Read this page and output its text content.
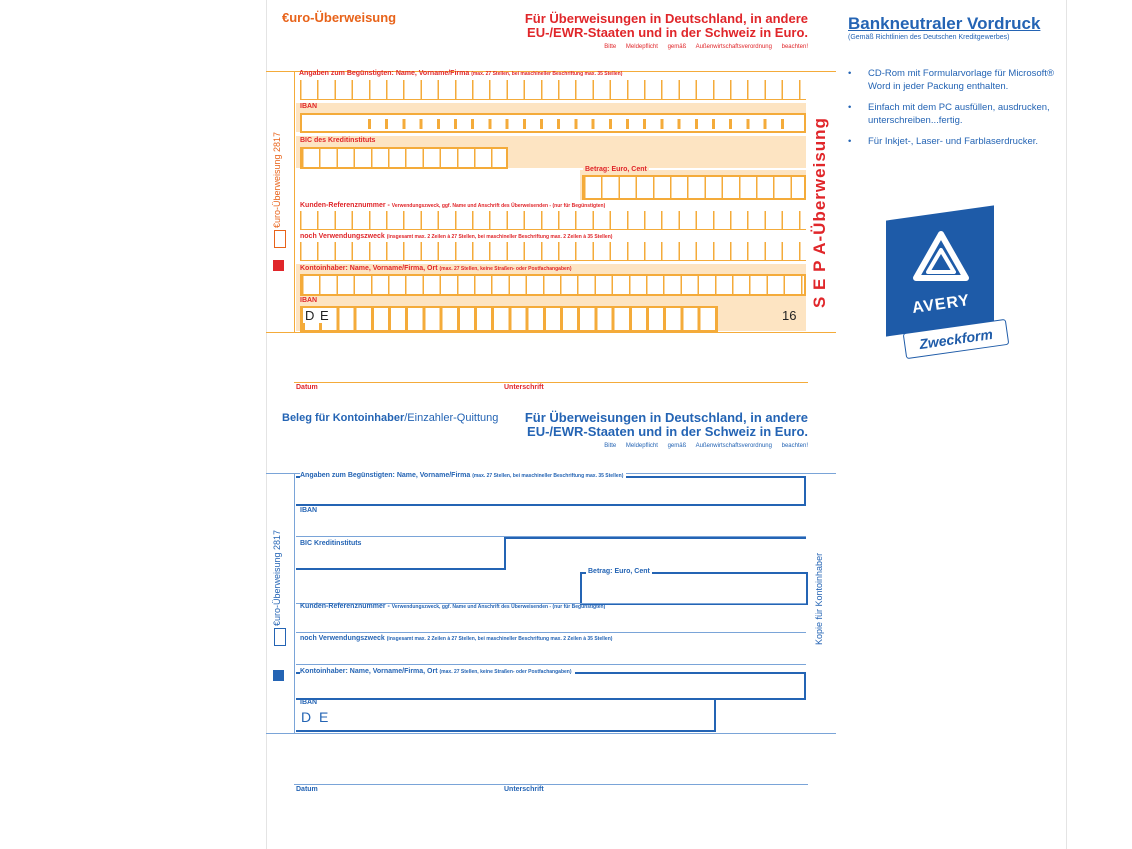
€uro-Überweisung	Für Überweisungen in Deutschland, in andere
EU-/EWR-Staaten und in der Schweiz in Euro.
Bitte Meldepflicht gemäß Außenwirtschaftsverordnung beachten!
€uro-Überweisung 2817
Angaben zum Begünstigten: Name, Vorname/Firma (max. 27 Stellen, bei maschineller Beschriftung max. 35 Stellen)
IBAN
BIC des Kreditinstituts
Betrag: Euro, Cent
Kunden-Referenznummer - Verwendungszweck, ggf. Name und Anschrift des Überweisenden - (nur für Begünstigten)
noch Verwendungszweck (insgesamt max. 2 Zeilen à 27 Stellen, bei maschineller Beschriftung max. 2 Zeilen à 35 Stellen)
Kontoinhaber: Name, Vorname/Firma, Ort (max. 27 Stellen, keine Straßen- oder Postfachangaben)
IBAN
D E	16
S E P A-Überweisung
Datum	Unterschrift
Beleg für Kontoinhaber/Einzahler-Quittung	Für Überweisungen in Deutschland, in andere
EU-/EWR-Staaten und in der Schweiz in Euro.
Bitte Meldepflicht gemäß Außenwirtschaftsverordnung beachten!
€uro-Überweisung 2817	Kopie für Kontoinhaber
Angaben zum Begünstigten: Name, Vorname/Firma (max. 27 Stellen, bei maschineller Beschriftung max. 35 Stellen)
IBAN
BIC Kreditinstituts
Betrag: Euro, Cent
Kunden-Referenznummer - Verwendungszweck, ggf. Name und Anschrift des Überweisenden - (nur für Begünstigten)
noch Verwendungszweck (insgesamt max. 2 Zeilen à 27 Stellen, bei maschineller Beschriftung max. 2 Zeilen à 35 Stellen)
Kontoinhaber: Name, Vorname/Firma, Ort (max. 27 Stellen, keine Straßen- oder Postfachangaben)
IBAN
D E
Datum	Unterschrift
Bankneutraler Vordruck
(Gemäß Richtlinien des Deutschen Kreditgewerbes)
• CD-Rom mit Formularvorlage für Microsoft® Word in jeder Packung enthalten.
• Einfach mit dem PC ausfüllen, ausdrucken, unterschreiben...fertig.
• Für Inkjet-, Laser- und Farblaserdrucker.
AVERY
Zweckform
